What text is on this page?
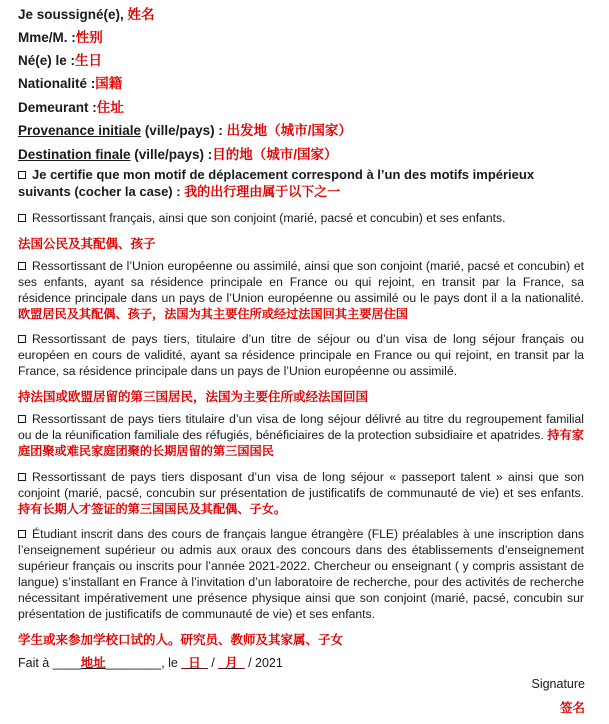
Je soussigné(e), 姓名
Mme/M. :性别
Né(e) le :生日
Nationalité :国籍
Demeurant :住址
Provenance initiale (ville/pays) : 出发地（城市/国家）
Destination finale (ville/pays) :目的地（城市/国家）
Je certifie que mon motif de déplacement correspond à l’un des motifs impérieux suivants (cocher la case) : 我的出行理由属于以下之一
Ressortissant français, ainsi que son conjoint (marié, pacsé et concubin) et ses enfants.
法国公民及其配偶、孩子
Ressortissant de l’Union européenne ou assimilé, ainsi que son conjoint (marié, pacsé et concubin) et ses enfants, ayant sa résidence principale en France ou qui rejoint, en transit par la France, sa résidence principale dans un pays de l’Union européenne ou assimilé ou le pays dont il a la nationalité. 欧盟居民及其配偶、孩子，法国为其主要住所或经过法国回其主要居住国
Ressortissant de pays tiers, titulaire d’un titre de séjour ou d’un visa de long séjour français ou européen en cours de validité, ayant sa résidence principale en France ou qui rejoint, en transit par la France, sa résidence principale dans un pays de l’Union européenne ou assimilé.
持法国或欧盟居留的第三国居民，法国为主要住所或经法国回国
Ressortissant de pays tiers titulaire d’un visa de long séjour délivré au titre du regroupement familial ou de la réunification familiale des réfugiés, bénéficiaires de la protection subsidiaire et apatrides. 持有家庭团聚或难民家庭团聚的长期居留的第三国国民
Ressortissant de pays tiers disposant d’un visa de long séjour « passeport talent » ainsi que son conjoint (marié, pacsé, concubin sur présentation de justificatifs de communauté de vie) et ses enfants. 持有长期人才签证的第三国国民及其配偶、子女。
Étudiant inscrit dans des cours de français langue étrangère (FLE) préalables à une inscription dans l’enseignement supérieur ou admis aux oraux des concours dans des établissements d’enseignement supérieur français ou inscrits pour l’année 2021-2022. Chercheur ou enseignant ( y compris assistant de langue) s’installant en France à l’invitation d’un laboratoire de recherche, pour des activités de recherche nécessitant impérativement une présence physique ainsi que son conjoint (marié, pacsé, concubin sur présentation de justificatifs de communauté de vie) et ses enfants.
学生或来参加学校口试的人。研究员、教师及其家属、子女
Fait à ____地址________, le _日_ / _月_ / 2021
Signature
签名
